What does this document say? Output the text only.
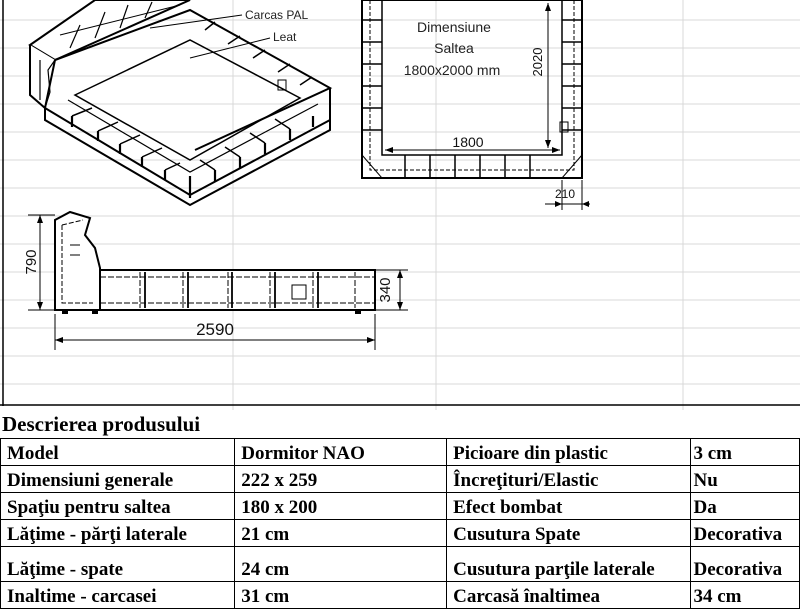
Carcas PAL
Leat
Dimensiune
Saltea
1800x2000 mm
1800
2020
210
790
340
2590
Descrierea produsului
Model	Dormitor NAO	Picioare din plastic	3 cm
Dimensiuni generale	222 x 259	Încreţituri/Elastic	Nu
Spaţiu pentru saltea	180 x 200	Efect bombat	Da
Lăţime - părţi laterale	21 cm	Cusutura Spate	Decorativa
Lăţime - spate	24 cm	Cusutura parţile laterale	Decorativa
Inaltime - carcasei	31 cm	Carcasă înaltimea	34 cm
